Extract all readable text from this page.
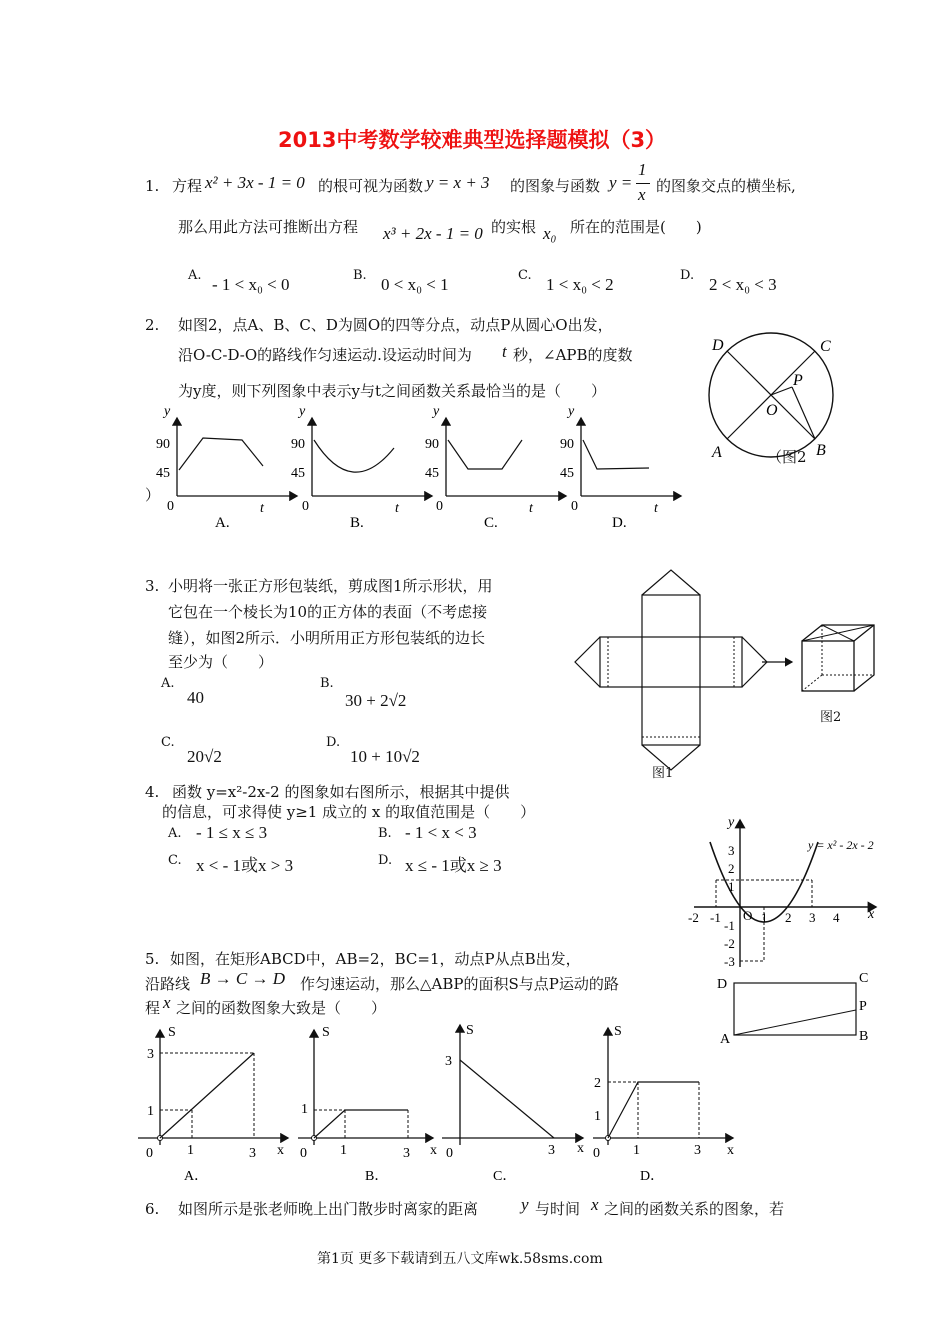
2013中考数学较难典型选择题模拟（3）
1. 方程 x² + 3x - 1 = 0 的根可视为函数 y = x + 3 的图象与函数 y =
1
x 的图象交点的横坐标,
那么用此方法可推断出方程 x³ + 2x - 1 = 0 的实根 x₀ 所在的范围是(　　)
A. - 1 < x₀ < 0	B. 0 < x₀ < 1	C. 1 < x₀ < 2	D. 2 < x₀ < 3
2. 如图2，点A、B、C、D为圆O的四等分点，动点P从圆心O出发，
沿O-C-D-O的路线作匀速运动.设运动时间为 t 秒，∠APB的度数
为y度，则下列图象中表示y与t之间函数关系最恰当的是（　　）
）
y
90
45
0	t
A.
y
90
45
0	t
B.
y
90
45
0	t
C.
y
90
45
0	t
D.
D	C
P
O
A	B
（图2
3. 小明将一张正方形包装纸，剪成图1所示形状，用
它包在一个棱长为10的正方体的表面（不考虑接
缝），如图2所示．小明所用正方形包装纸的边长
至少为（　　）
A.
40
B.
30 + 2√2
C.
20√2
D.
10 + 10√2
图1
图2
4. 函数 y=x²-2x-2 的图象如右图所示，根据其中提供
的信息，可求得使 y≥1 成立的 x 的取值范围是（　　）
A. - 1 ≤ x ≤ 3	B. - 1 < x < 3
C. x < - 1或x > 3	D. x ≤ - 1或x ≥ 3
y
x
y = x² - 2x - 2
O
-2 -1	1 2 3 4
3
2
1
-1
-2
-3
5. 如图，在矩形ABCD中，AB=2，BC=1，动点P从点B出发，
沿路线 B → C → D 作匀速运动，那么△ABP的面积S与点P运动的路
程 x 之间的函数图象大致是（　　）
D	C
P
A	B
S
3
1
0 1	3 x
A．
S
1
0 1	3 x
B．
S
3
0	3 x
C．
S
2
1
0 1	3 x
D．
6. 如图所示是张老师晚上出门散步时离家的距离	y 与时间 x 之间的函数关系的图象，若
第1页 更多下载请到五八文库wk.58sms.com
